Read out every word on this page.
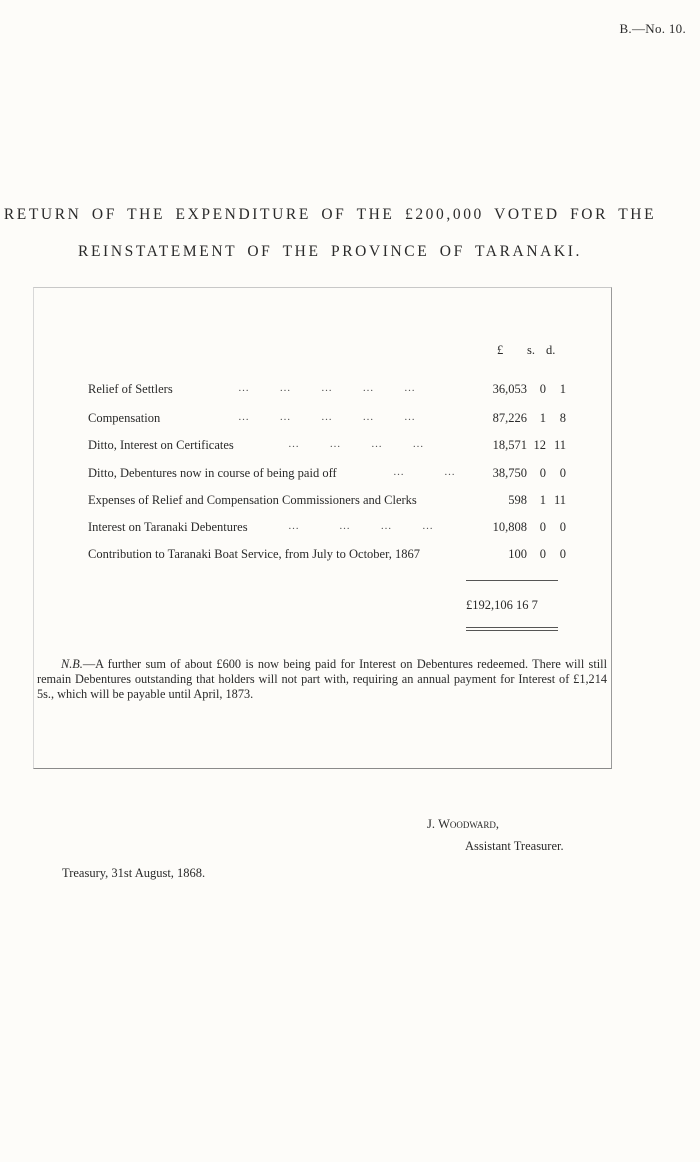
B.—No. 10.
RETURN OF THE EXPENDITURE OF THE £200,000 VOTED FOR THE
REINSTATEMENT OF THE PROVINCE OF TARANAKI.
£ s. d.
Relief of Settlers	…      …      …      …      …	36,053	0	1
Compensation	…      …      …      …      …	87,226	1	8
Ditto, Interest on Certificates	…      …      …      …	18,571 12 11
Ditto, Debentures now in course of being paid off	…        …	38,750	0	0
Expenses of Relief and Compensation Commissioners and Clerks	598	1 11
Interest on Taranaki Debentures	…        …      …      …	10,808	0	0
Contribution to Taranaki Boat Service, from July to October, 1867	100	0	0
£192,106 16 7
N.B.—A further sum of about £600 is now being paid for Interest on Debentures redeemed. There will still remain Debentures outstanding that holders will not part with, requiring an annual payment for Interest of £1,214 5s., which will be payable until April, 1873.
J. Woodward,
Assistant Treasurer.
Treasury, 31st August, 1868.
